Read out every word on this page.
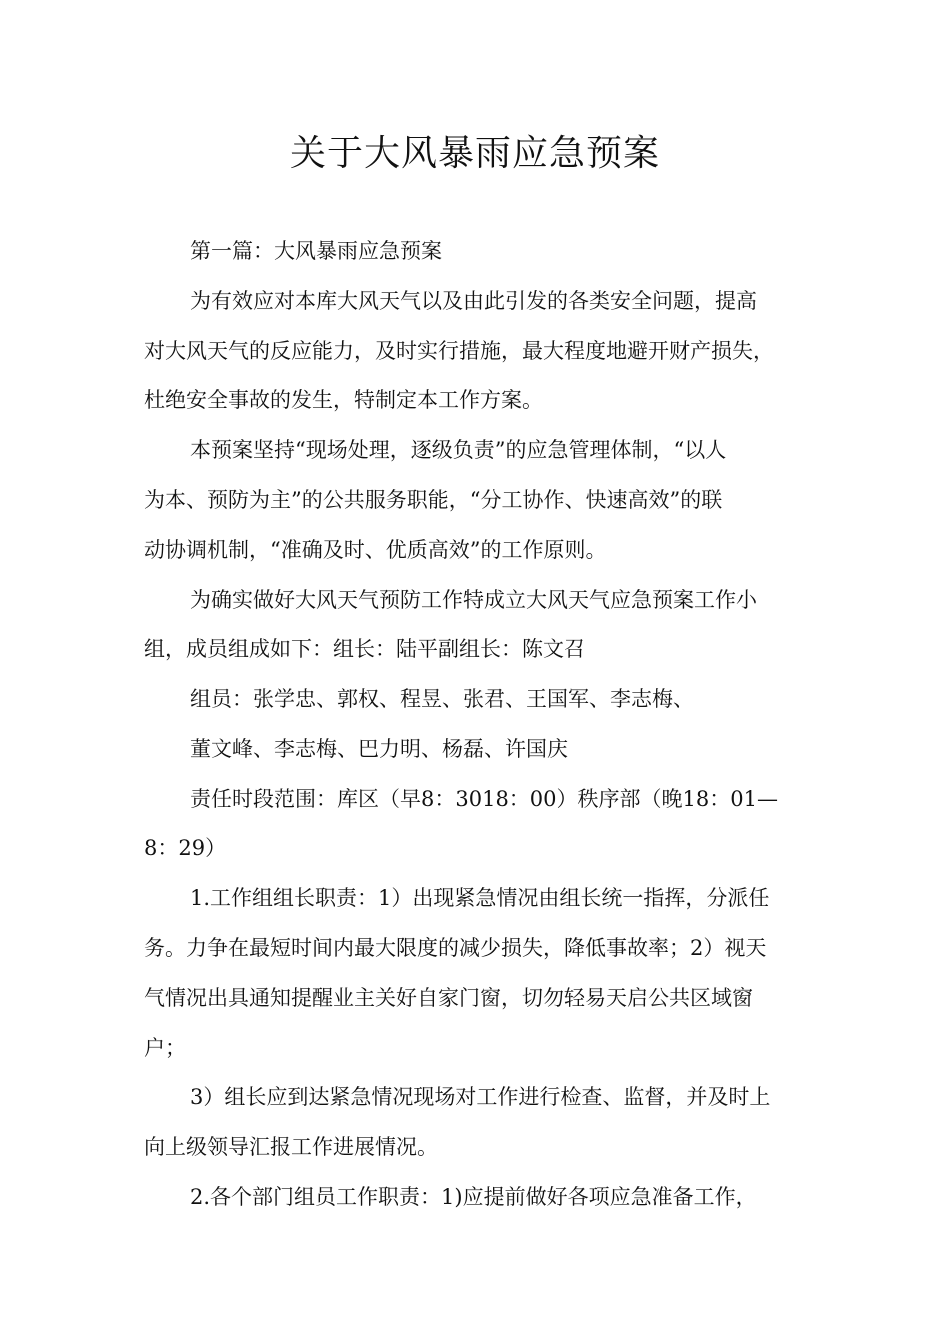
关于大风暴雨应急预案

第一篇：大风暴雨应急预案

为有效应对本库大风天气以及由此引发的各类安全问题，提高

对大风天气的反应能力，及时实行措施，最大程度地避开财产损失，

杜绝安全事故的发生，特制定本工作方案。

本预案坚持“现场处理，逐级负责”的应急管理体制，“以人

为本、预防为主”的公共服务职能，“分工协作、快速高效”的联

动协调机制，“准确及时、优质高效”的工作原则。

为确实做好大风天气预防工作特成立大风天气应急预案工作小

组，成员组成如下：组长：陆平副组长：陈文召

组员：张学忠、郭权、程昱、张君、王国军、李志梅、

董文峰、李志梅、巴力明、杨磊、许国庆

责任时段范围：库区（早8：3018：00）秩序部（晚18：01—

8：29）

1.工作组组长职责：1）出现紧急情况由组长统一指挥，分派任

务。力争在最短时间内最大限度的减少损失，降低事故率；2）视天

气情况出具通知提醒业主关好自家门窗，切勿轻易天启公共区域窗

户；

3）组长应到达紧急情况现场对工作进行检查、监督，并及时上

向上级领导汇报工作进展情况。

2.各个部门组员工作职责：1)应提前做好各项应急准备工作，
